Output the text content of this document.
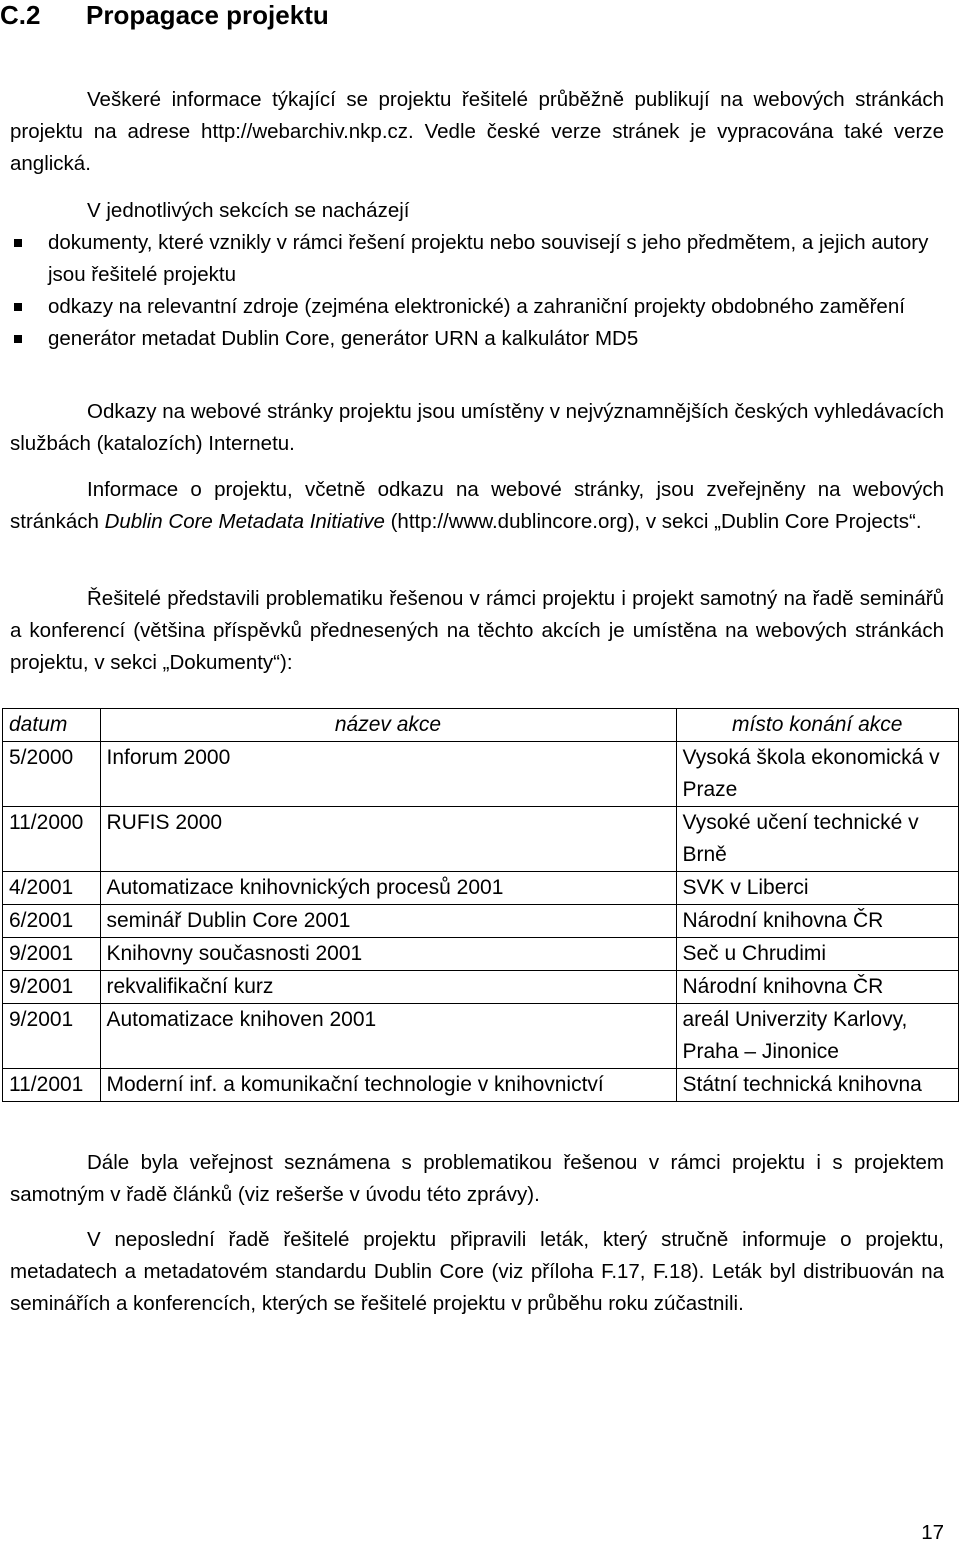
C.2 Propagace projektu

Veškeré informace týkající se projektu řešitelé průběžně publikují na webových stránkách projektu na adrese http://webarchiv.nkp.cz. Vedle české verze stránek je vypracována také verze anglická.

V jednotlivých sekcích se nacházejí
dokumenty, které vznikly v rámci řešení projektu nebo souvisejí s jeho předmětem, a jejich autory jsou řešitelé projektu
odkazy na relevantní zdroje (zejména elektronické) a zahraniční projekty obdobného zaměření
generátor metadat Dublin Core, generátor URN a kalkulátor MD5

Odkazy na webové stránky projektu jsou umístěny v nejvýznamnějších českých vyhledávacích službách (katalozích) Internetu.

Informace o projektu, včetně odkazu na webové stránky, jsou zveřejněny na webových stránkách Dublin Core Metadata Initiative (http://www.dublincore.org), v sekci „Dublin Core Projects“.

Řešitelé představili problematiku řešenou v rámci projektu i projekt samotný na řadě seminářů a konferencí (většina příspěvků přednesených na těchto akcích je umístěna na webových stránkách projektu, v sekci „Dokumenty“):

datum	název akce	místo konání akce
5/2000	Inforum 2000	Vysoká škola ekonomická v Praze
11/2000	RUFIS 2000	Vysoké učení technické v Brně
4/2001	Automatizace knihovnických procesů 2001	SVK v Liberci
6/2001	seminář Dublin Core 2001	Národní knihovna ČR
9/2001	Knihovny současnosti 2001	Seč u Chrudimi
9/2001	rekvalifikační kurz	Národní knihovna ČR
9/2001	Automatizace knihoven 2001	areál Univerzity Karlovy, Praha – Jinonice
11/2001	Moderní inf. a komunikační technologie v knihovnictví	Státní technická knihovna

Dále byla veřejnost seznámena s problematikou řešenou v rámci projektu i s projektem samotným v řadě článků (viz rešerše v úvodu této zprávy).

V neposlední řadě řešitelé projektu připravili leták, který stručně informuje o projektu, metadatech a metadatovém standardu Dublin Core (viz příloha F.17, F.18). Leták byl distribuován na seminářích a konferencích, kterých se řešitelé projektu v průběhu roku zúčastnili.

17
